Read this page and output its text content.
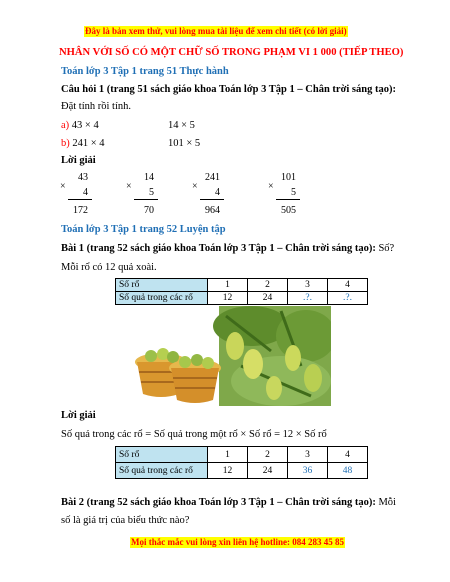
Đây là bản xem thử, vui lòng mua tài liệu để xem chi tiết (có lời giải)
NHÂN VỚI SỐ CÓ MỘT CHỮ SỐ TRONG PHẠM VI 1 000 (TIẾP THEO)
Toán lớp 3 Tập 1 trang 51 Thực hành
Câu hỏi 1 (trang 51 sách giáo khoa Toán lớp 3 Tập 1 – Chân trời sáng tạo):
Đặt tính rồi tính.
a) 43 × 4	14 × 5
b) 241 × 4	101 × 5
Lời giải
43
×
4
172
14
×
5
70
241
×
4
964
101
×
5
505
Toán lớp 3 Tập 1 trang 52 Luyện tập
Bài 1 (trang 52 sách giáo khoa Toán lớp 3 Tập 1 – Chân trời sáng tạo): Số?
Mỗi rổ có 12 quả xoài.
Số rổ	1	2	3	4
Số quả trong các rổ	12	24	.?.	.?.
Lời giải
Số quả trong các rổ = Số quả trong một rổ × Số rổ = 12 × Số rổ
Số rổ	1	2	3	4
Số quả trong các rổ	12	24	36	48
Bài 2 (trang 52 sách giáo khoa Toán lớp 3 Tập 1 – Chân trời sáng tạo): Mỗi
số là giá trị của biểu thức nào?
Mọi thắc mắc vui lòng xin liên hệ hotline: 084 283 45 85
